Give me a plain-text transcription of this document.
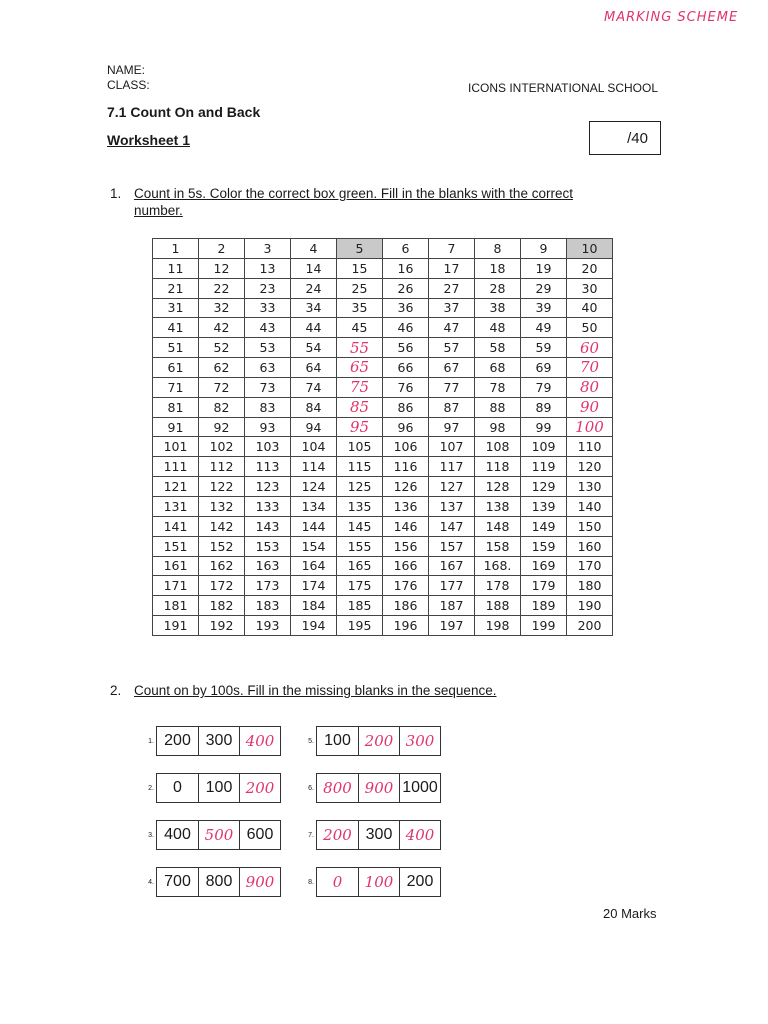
MARKING SCHEME
NAME:
CLASS:	ICONS INTERNATIONAL SCHOOL
7.1 Count On and Back
Worksheet 1	/40
1. Count in 5s. Color the correct box green. Fill in the blanks with the correct
number.
1	2	3	4	5	6	7	8	9	10
11	12	13	14	15	16	17	18	19	20
21	22	23	24	25	26	27	28	29	30
31	32	33	34	35	36	37	38	39	40
41	42	43	44	45	46	47	48	49	50
51	52	53	54	55	56	57	58	59	60
61	62	63	64	65	66	67	68	69	70
71	72	73	74	75	76	77	78	79	80
81	82	83	84	85	86	87	88	89	90
91	92	93	94	95	96	97	98	99	100
101	102	103	104	105	106	107	108	109	110
111	112	113	114	115	116	117	118	119	120
121	122	123	124	125	126	127	128	129	130
131	132	133	134	135	136	137	138	139	140
141	142	143	144	145	146	147	148	149	150
151	152	153	154	155	156	157	158	159	160
161	162	163	164	165	166	167	168.	169	170
171	172	173	174	175	176	177	178	179	180
181	182	183	184	185	186	187	188	189	190
191	192	193	194	195	196	197	198	199	200
2. Count on by 100s. Fill in the missing blanks in the sequence.
1. 200 300 400
2.	0	100 200
3. 400 500 600
4. 700 800 900
5. 100 200 300
6. 800 900 1000
7. 200 300 400
8.	0	100 200
20 Marks
